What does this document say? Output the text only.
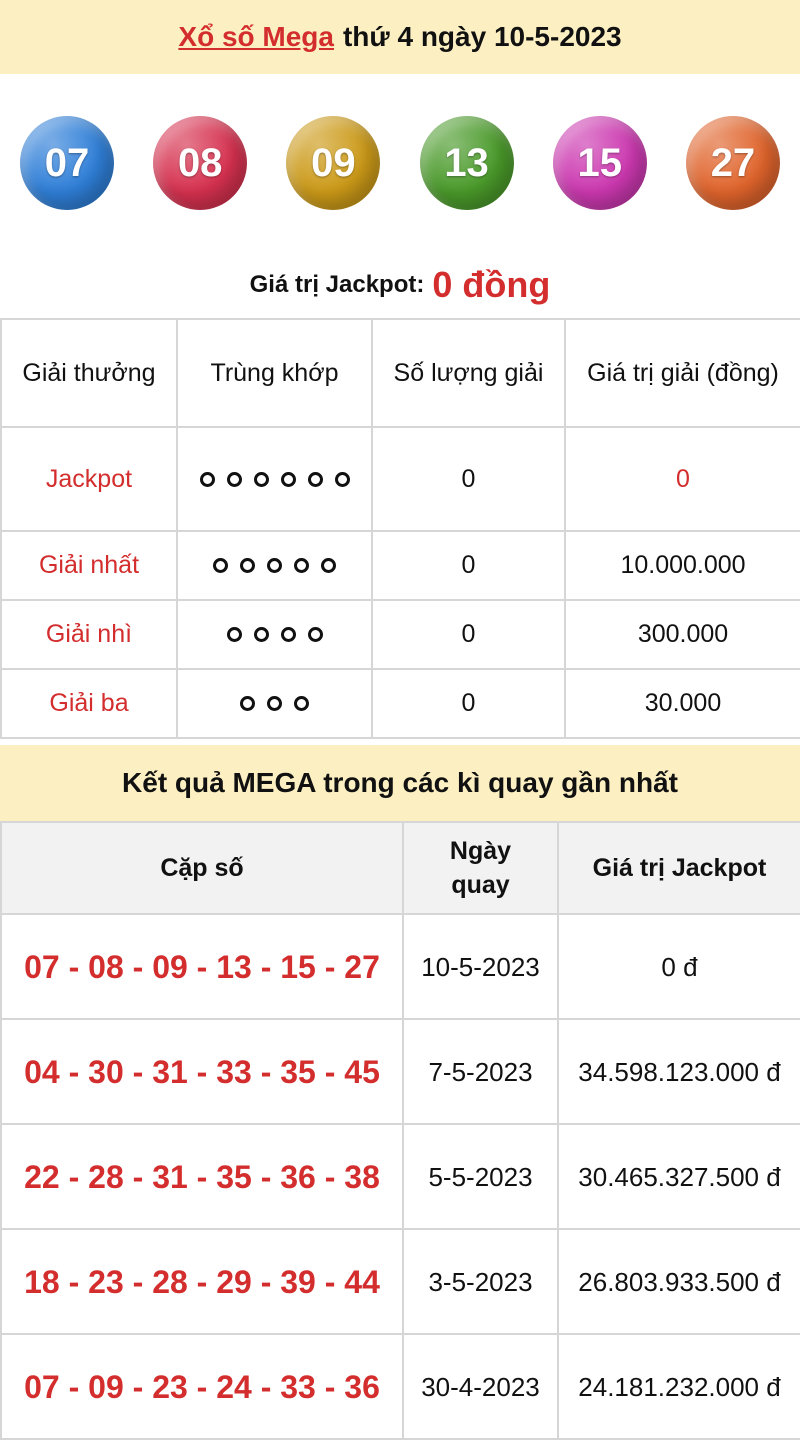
Xổ số Mega thứ 4 ngày 10-5-2023
07	08	09	13	15	27
Giá trị Jackpot: 0 đồng
Giải thưởng	Trùng khớp	Số lượng giải	Giá trị giải (đồng)
Jackpot		0	0
Giải nhất		0	10.000.000
Giải nhì		0	300.000
Giải ba		0	30.000
Kết quả MEGA trong các kì quay gần nhất
Cặp số	Ngày quay	Giá trị Jackpot
07 - 08 - 09 - 13 - 15 - 27	10-5-2023	0 đ
04 - 30 - 31 - 33 - 35 - 45	7-5-2023	34.598.123.000 đ
22 - 28 - 31 - 35 - 36 - 38	5-5-2023	30.465.327.500 đ
18 - 23 - 28 - 29 - 39 - 44	3-5-2023	26.803.933.500 đ
07 - 09 - 23 - 24 - 33 - 36	30-4-2023	24.181.232.000 đ
